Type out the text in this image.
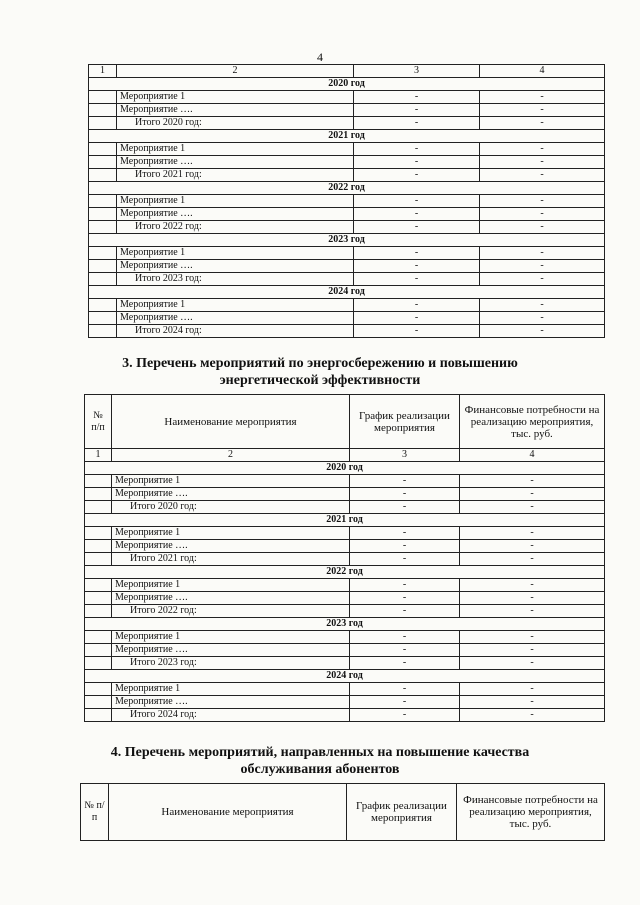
4
1	2	3	4
2020 год			
	Мероприятие 1	-	-
	Мероприятие ….	-	-
	Итого 2020 год:	-	-
2021 год			
	Мероприятие 1	-	-
	Мероприятие ….	-	-
	Итого 2021 год:	-	-
2022 год			
	Мероприятие 1	-	-
	Мероприятие ….	-	-
	Итого 2022 год:	-	-
2023 год			
	Мероприятие 1	-	-
	Мероприятие ….	-	-
	Итого 2023 год:	-	-
2024 год			
	Мероприятие 1	-	-
	Мероприятие ….	-	-
	Итого 2024 год:	-	-
3. Перечень мероприятий по энергосбережению и повышению
энергетической эффективности
№ п/п	Наименование мероприятия	График реализации мероприятия	Финансовые потребности на реализацию мероприятия, тыс. руб.
1	2	3	4
2020 год			
	Мероприятие 1	-	-
	Мероприятие ….	-	-
	Итого 2020 год:	-	-
2021 год			
	Мероприятие 1	-	-
	Мероприятие ….	-	-
	Итого 2021 год:	-	-
2022 год			
	Мероприятие 1	-	-
	Мероприятие ….	-	-
	Итого 2022 год:	-	-
2023 год			
	Мероприятие 1	-	-
	Мероприятие ….	-	-
	Итого 2023 год:	-	-
2024 год			
	Мероприятие 1	-	-
	Мероприятие ….	-	-
	Итого 2024 год:	-	-
4. Перечень мероприятий, направленных на повышение качества
обслуживания абонентов
№ п/п	Наименование мероприятия	График реализации мероприятия	Финансовые потребности на реализацию мероприятия, тыс. руб.
